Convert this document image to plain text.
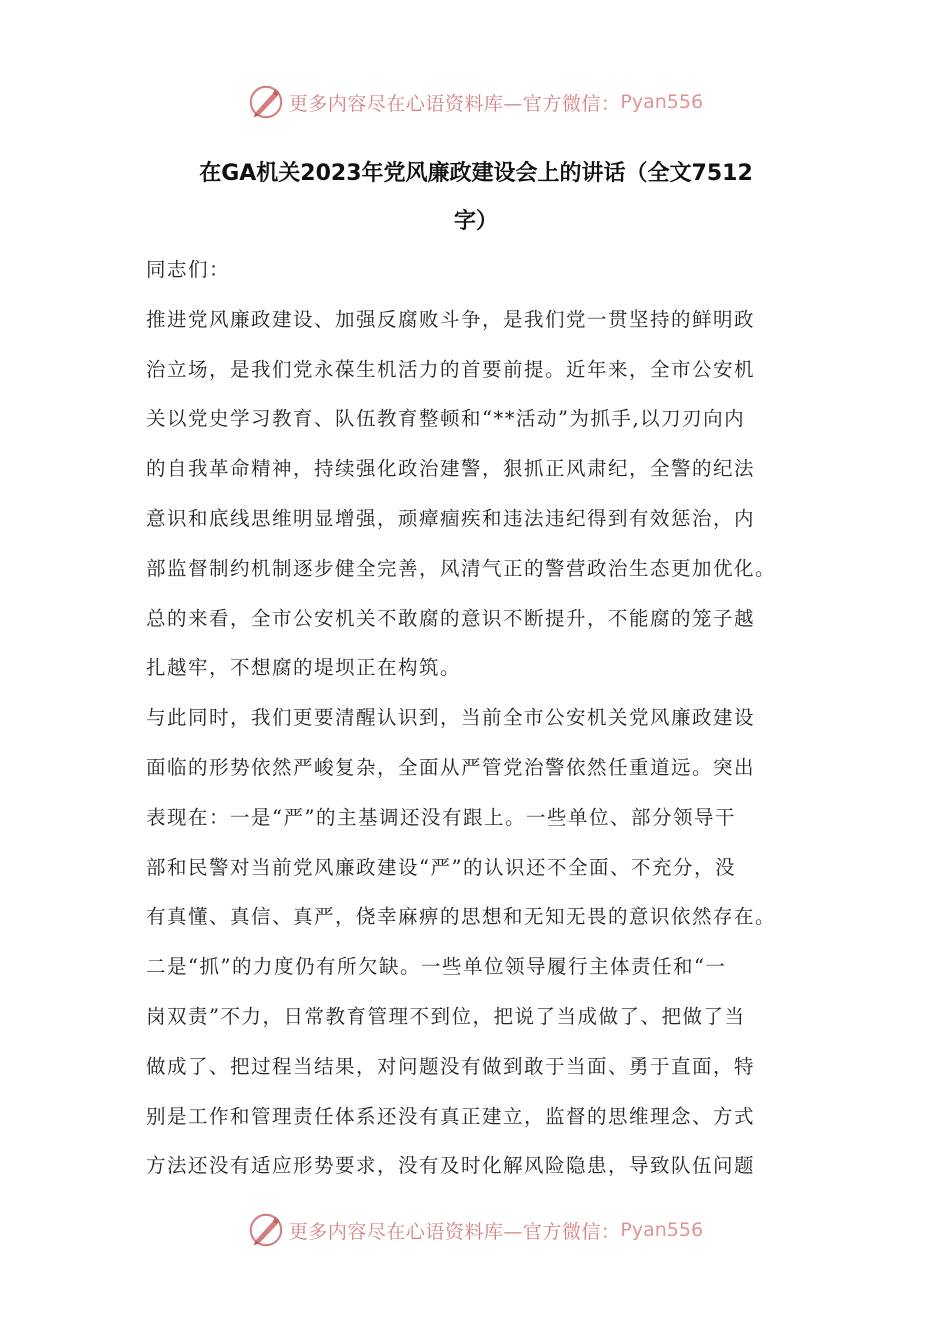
更多内容尽在心语资料库—官方微信： Pyan556
在GA机关2023年党风廉政建设会上的讲话（全文7512
字）
同志们：
推进党风廉政建设、加强反腐败斗争，是我们党一贯坚持的鲜明政
治立场，是我们党永葆生机活力的首要前提。近年来，全市公安机
关以党史学习教育、队伍教育整顿和“**活动”为抓手,以刀刃向内
的自我革命精神，持续强化政治建警，狠抓正风肃纪，全警的纪法
意识和底线思维明显增强，顽瘴痼疾和违法违纪得到有效惩治，内
部监督制约机制逐步健全完善，风清气正的警营政治生态更加优化。
总的来看，全市公安机关不敢腐的意识不断提升，不能腐的笼子越
扎越牢，不想腐的堤坝正在构筑。
与此同时，我们更要清醒认识到，当前全市公安机关党风廉政建设
面临的形势依然严峻复杂，全面从严管党治警依然任重道远。突出
表现在：一是“严”的主基调还没有跟上。一些单位、部分领导干
部和民警对当前党风廉政建设“严”的认识还不全面、不充分，没
有真懂、真信、真严，侥幸麻痹的思想和无知无畏的意识依然存在。
二是“抓”的力度仍有所欠缺。一些单位领导履行主体责任和“一
岗双责”不力，日常教育管理不到位，把说了当成做了、把做了当
做成了、把过程当结果，对问题没有做到敢于当面、勇于直面，特
别是工作和管理责任体系还没有真正建立，监督的思维理念、方式
方法还没有适应形势要求，没有及时化解风险隐患，导致队伍问题
更多内容尽在心语资料库—官方微信： Pyan556
